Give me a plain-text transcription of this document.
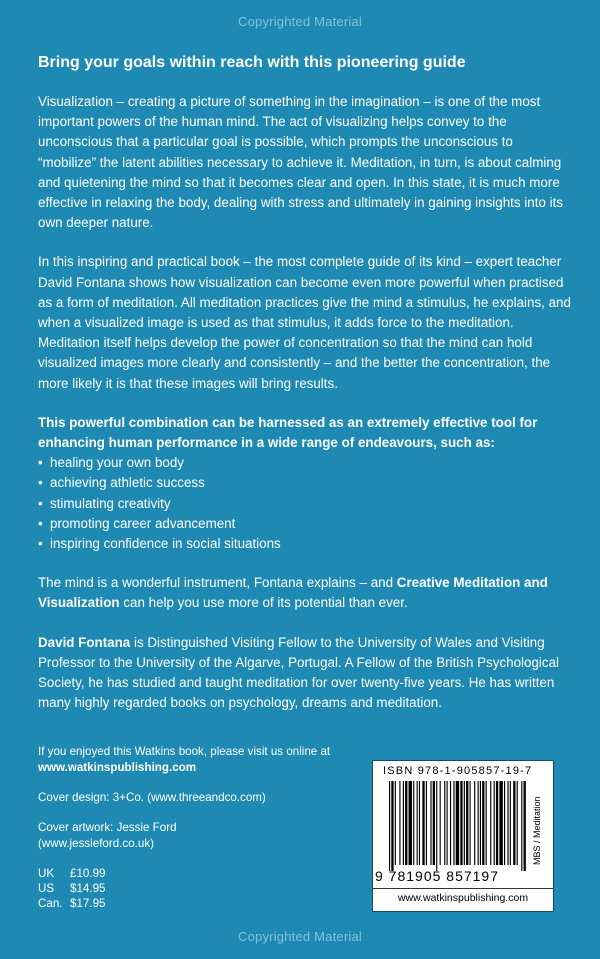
Copyrighted Material
Bring your goals within reach with this pioneering guide

Visualization – creating a picture of something in the imagination – is one of the most important powers of the human mind. The act of visualizing helps convey to the unconscious that a particular goal is possible, which prompts the unconscious to “mobilize” the latent abilities necessary to achieve it. Meditation, in turn, is about calming and quietening the mind so that it becomes clear and open. In this state, it is much more effective in relaxing the body, dealing with stress and ultimately in gaining insights into its own deeper nature.

In this inspiring and practical book – the most complete guide of its kind – expert teacher David Fontana shows how visualization can become even more powerful when practised as a form of meditation. All meditation practices give the mind a stimulus, he explains, and when a visualized image is used as that stimulus, it adds force to the meditation. Meditation itself helps develop the power of concentration so that the mind can hold visualized images more clearly and consistently – and the better the concentration, the more likely it is that these images will bring results.

This powerful combination can be harnessed as an extremely effective tool for enhancing human performance in a wide range of endeavours, such as:
• healing your own body
• achieving athletic success
• stimulating creativity
• promoting career advancement
• inspiring confidence in social situations

The mind is a wonderful instrument, Fontana explains – and Creative Meditation and Visualization can help you use more of its potential than ever.

David Fontana is Distinguished Visiting Fellow to the University of Wales and Visiting Professor to the University of the Algarve, Portugal. A Fellow of the British Psychological Society, he has studied and taught meditation for over twenty-five years. He has written many highly regarded books on psychology, dreams and meditation.

If you enjoyed this Watkins book, please visit us online at www.watkinspublishing.com
Cover design: 3+Co. (www.threeandco.com)
Cover artwork: Jessie Ford
(www.jessieford.co.uk)
UK	£10.99
US	$14.95
Can. $17.95
ISBN 978-1-905857-19-7
9 781905 857197
MBS / Meditation
www.watkinspublishing.com
Copyrighted Material
